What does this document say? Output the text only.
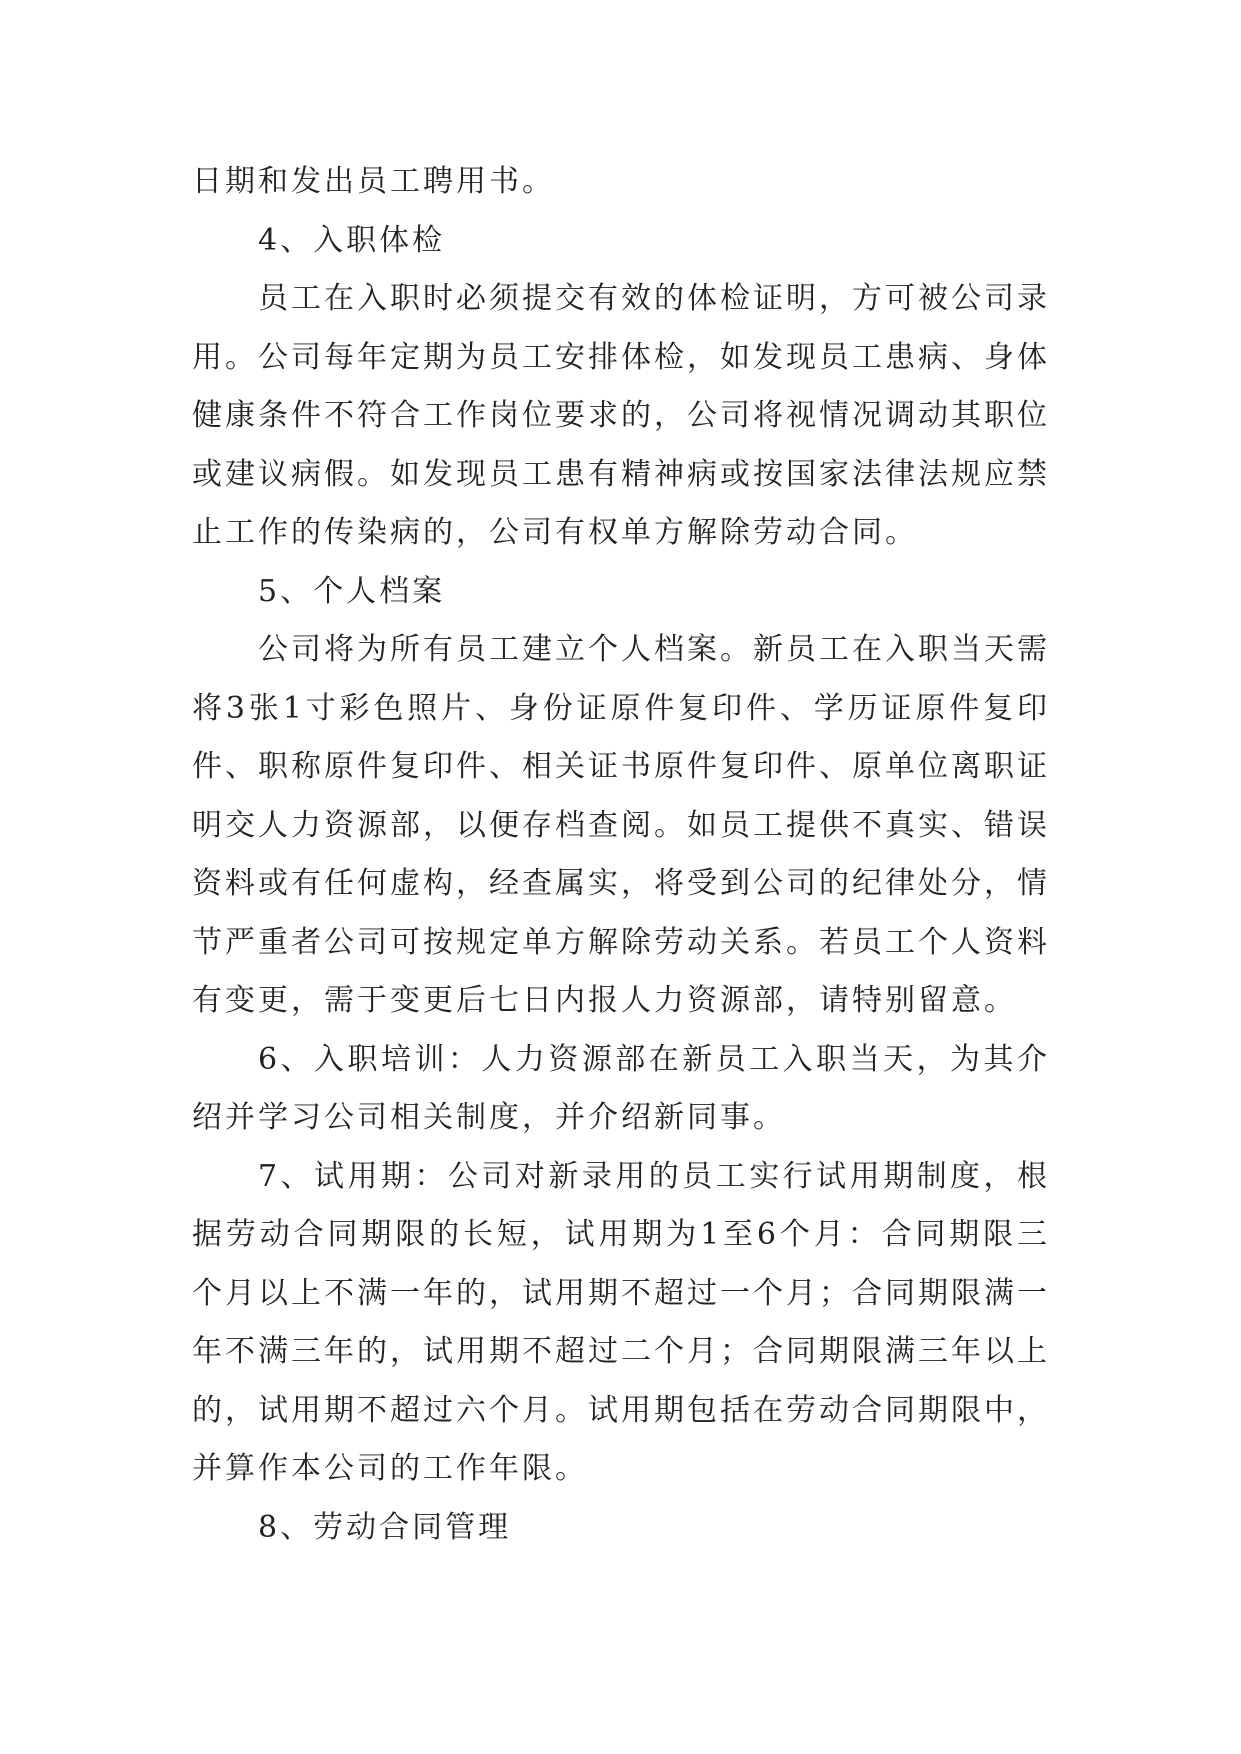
日期和发出员工聘用书。
4、入职体检
员工在入职时必须提交有效的体检证明，方可被公司录
用。公司每年定期为员工安排体检，如发现员工患病、身体
健康条件不符合工作岗位要求的，公司将视情况调动其职位
或建议病假。如发现员工患有精神病或按国家法律法规应禁
止工作的传染病的，公司有权单方解除劳动合同。
5、个人档案
公司将为所有员工建立个人档案。新员工在入职当天需
将3张1寸彩色照片、身份证原件复印件、学历证原件复印
件、职称原件复印件、相关证书原件复印件、原单位离职证
明交人力资源部，以便存档查阅。如员工提供不真实、错误
资料或有任何虚构，经查属实，将受到公司的纪律处分，情
节严重者公司可按规定单方解除劳动关系。若员工个人资料
有变更，需于变更后七日内报人力资源部，请特别留意。
6、入职培训：人力资源部在新员工入职当天，为其介
绍并学习公司相关制度，并介绍新同事。
7、试用期：公司对新录用的员工实行试用期制度，根
据劳动合同期限的长短，试用期为1至6个月：合同期限三
个月以上不满一年的，试用期不超过一个月；合同期限满一
年不满三年的，试用期不超过二个月；合同期限满三年以上
的，试用期不超过六个月。试用期包括在劳动合同期限中，
并算作本公司的工作年限。
8、劳动合同管理
